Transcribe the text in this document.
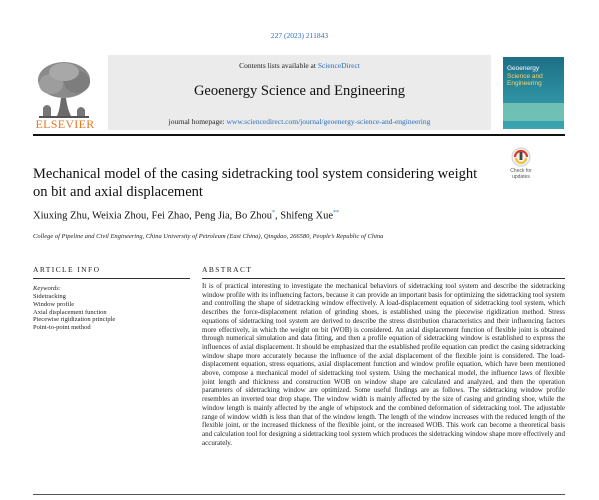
227 (2023) 211843
ELSEVIER
Contents lists available at ScienceDirect
Geoenergy Science and Engineering
journal homepage: www.sciencedirect.com/journal/geoenergy-science-and-engineering
Geoenergy
Science and
Engineering
Mechanical model of the casing sidetracking tool system considering weight on bit and axial displacement
Check for
updates
Xiuxing Zhu, Weixia Zhou, Fei Zhao, Peng Jia, Bo Zhou*, Shifeng Xue**
College of Pipeline and Civil Engineering, China University of Petroleum (East China), Qingdao, 266580, People’s Republic of China
ARTICLE INFO	ABSTRACT
Keywords:
Sidetracking
Window profile
Axial displacement function
Piecewise rigidization principle
Point-to-point method

It is of practical interesting to investigate the mechanical behaviors of sidetracking tool system and describe the sidetracking window profile with its influencing factors, because it can provide an important basis for optimizing the sidetracking tool system and controlling the shape of sidetracking window effectively. A load-displacement equation of sidetracking tool system, which describes the force-displacement relation of grinding shoes, is established using the piecewise rigidization method. Stress equations of sidetracking tool system are derived to describe the stress distribution characteristics and their influencing factors more effectively, in which the weight on bit (WOB) is considered. An axial displacement function of flexible joint is obtained through numerical simulation and data fitting, and then a profile equation of sidetracking window is established to express the influences of axial displacement. It should be emphasized that the established profile equation can predict the casing sidetracking window shape more accurately because the influence of the axial displacement of the flexible joint is considered. The load-displacement equation, stress equations, axial displacement function and window profile equation, which have been mentioned above, compose a mechanical model of sidetracking tool system. Using the mechanical model, the influence laws of flexible joint length and thickness and construction WOB on window shape are calculated and analyzed, and then the operation parameters of sidetracking window are optimized. Some useful findings are as follows. The sidetracking window profile resembles an inverted tear drop shape. The window width is mainly affected by the size of casing and grinding shoe, while the window length is mainly affected by the angle of whipstock and the combined deformation of sidetracking tool. The adjustable range of window width is less than that of the window length. The length of the window increases with the reduced length of the flexible joint, or the increased thickness of the flexible joint, or the increased WOB. This work can become a theoretical basis and calculation tool for designing a sidetracking tool system which produces the sidetracking window shape more effectively and accurately.
